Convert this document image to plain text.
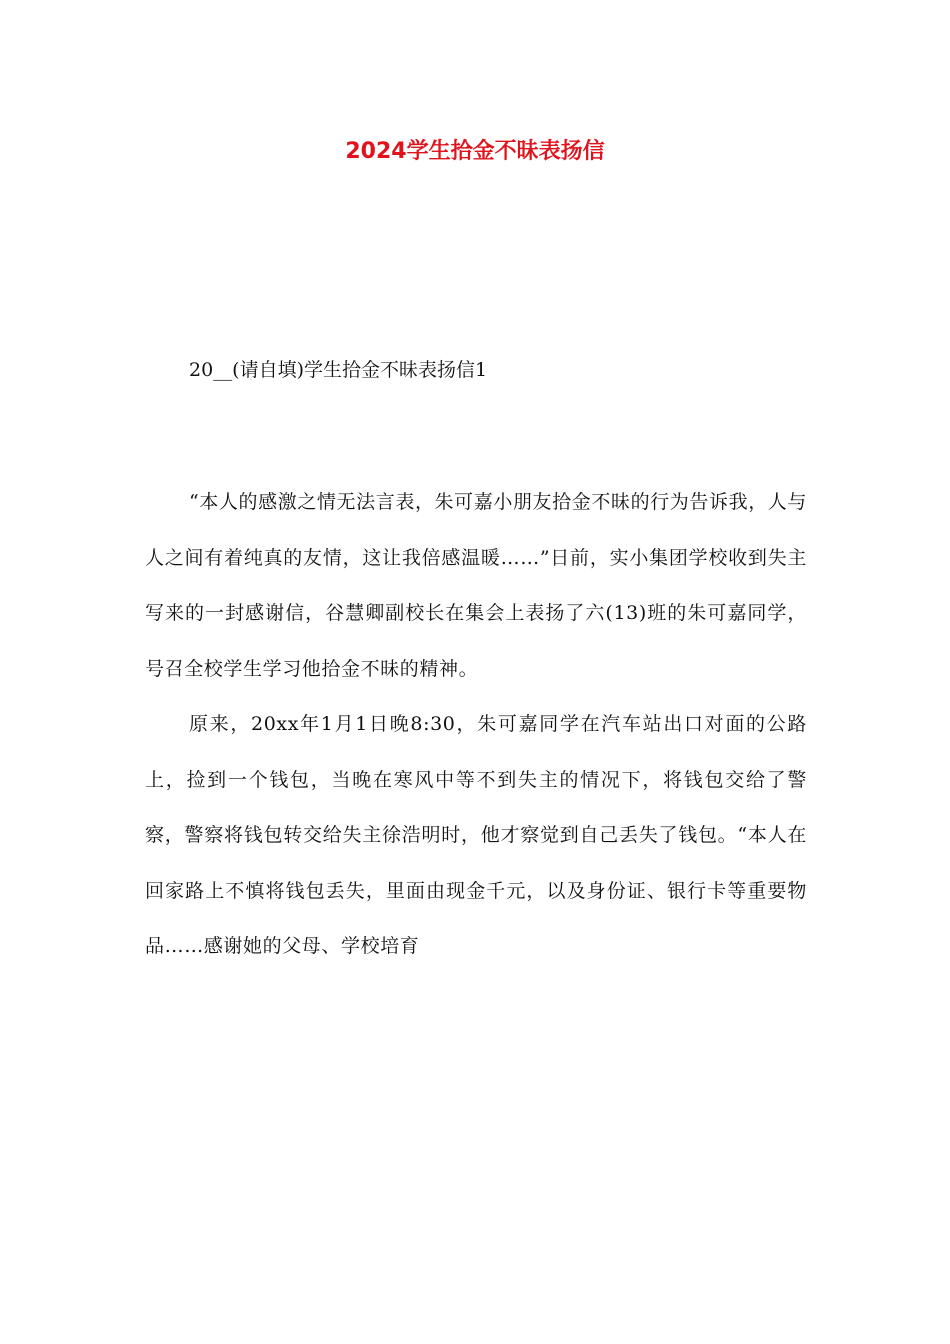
2024学生拾金不昧表扬信

20__(请自填)学生拾金不昧表扬信1

“本人的感激之情无法言表，朱可嘉小朋友拾金不昧的行为告诉我，人与人之间有着纯真的友情，这让我倍感温暖……”日前，实小集团学校收到失主写来的一封感谢信，谷慧卿副校长在集会上表扬了六(13)班的朱可嘉同学，号召全校学生学习他拾金不昧的精神。

原来，20xx年1月1日晚8:30，朱可嘉同学在汽车站出口对面的公路上，捡到一个钱包，当晚在寒风中等不到失主的情况下，将钱包交给了警察，警察将钱包转交给失主徐浩明时，他才察觉到自己丢失了钱包。“本人在回家路上不慎将钱包丢失，里面由现金千元，以及身份证、银行卡等重要物品……感谢她的父母、学校培育
